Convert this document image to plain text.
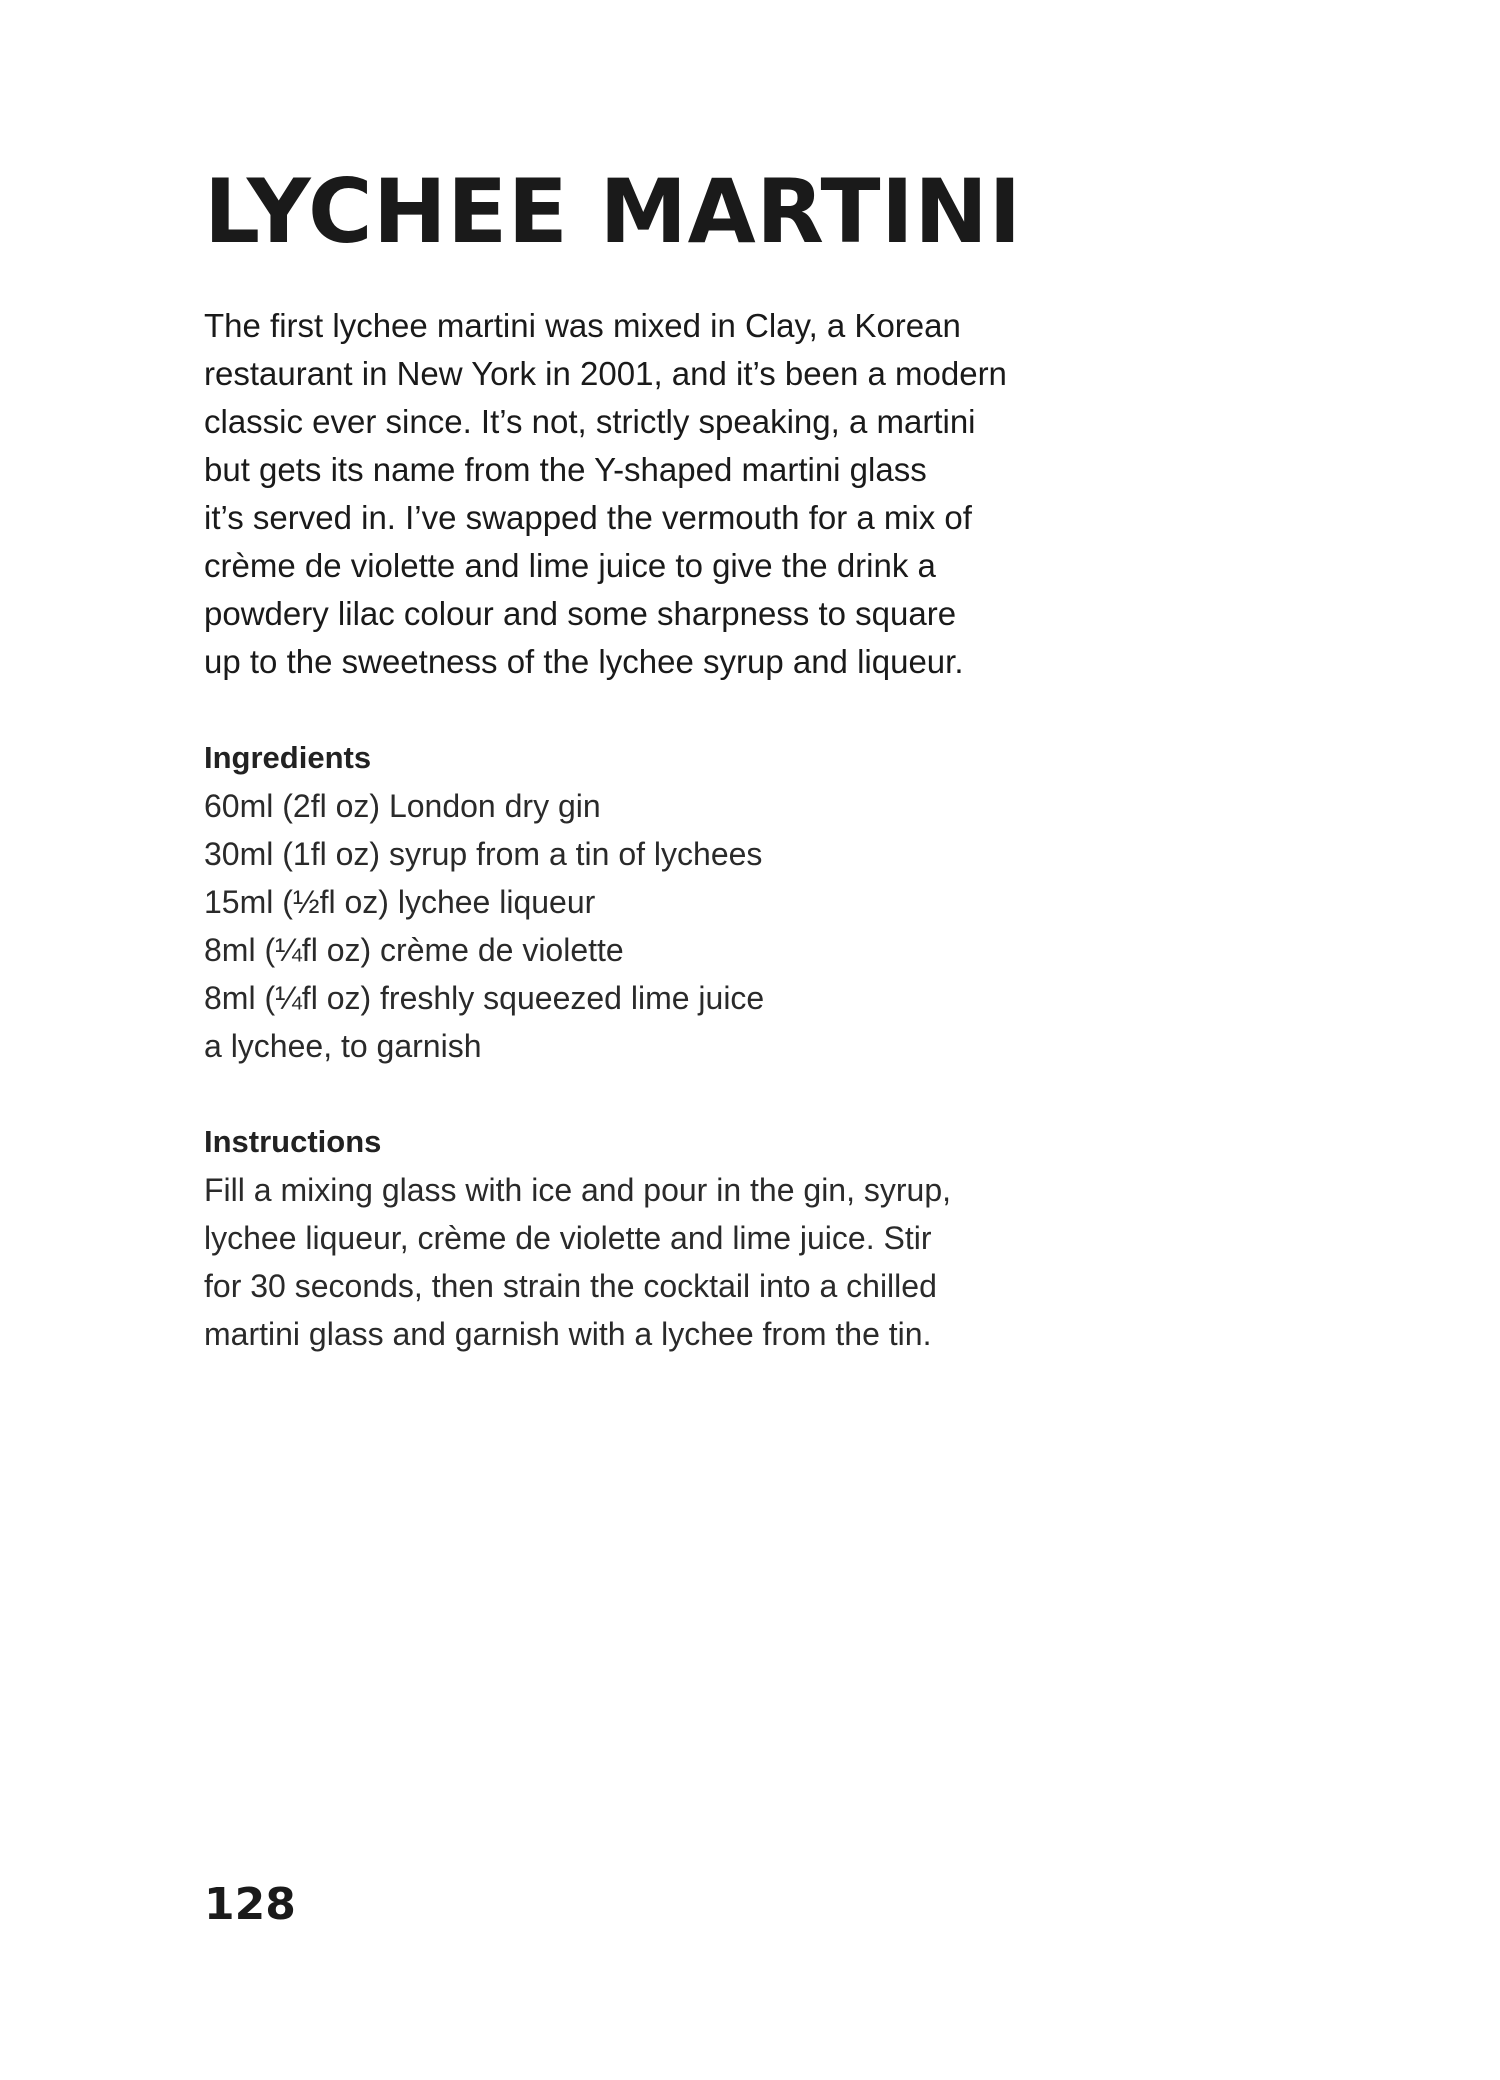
LYCHEE MARTINI

The first lychee martini was mixed in Clay, a Korean
restaurant in New York in 2001, and it’s been a modern
classic ever since. It’s not, strictly speaking, a martini
but gets its name from the Y-shaped martini glass
it’s served in. I’ve swapped the vermouth for a mix of
crème de violette and lime juice to give the drink a
powdery lilac colour and some sharpness to square
up to the sweetness of the lychee syrup and liqueur.

Ingredients
60ml (2fl oz) London dry gin
30ml (1fl oz) syrup from a tin of lychees
15ml (½fl oz) lychee liqueur
8ml (¼fl oz) crème de violette
8ml (¼fl oz) freshly squeezed lime juice
a lychee, to garnish
Instructions

Fill a mixing glass with ice and pour in the gin, syrup,
lychee liqueur, crème de violette and lime juice. Stir
for 30 seconds, then strain the cocktail into a chilled
martini glass and garnish with a lychee from the tin.

128
